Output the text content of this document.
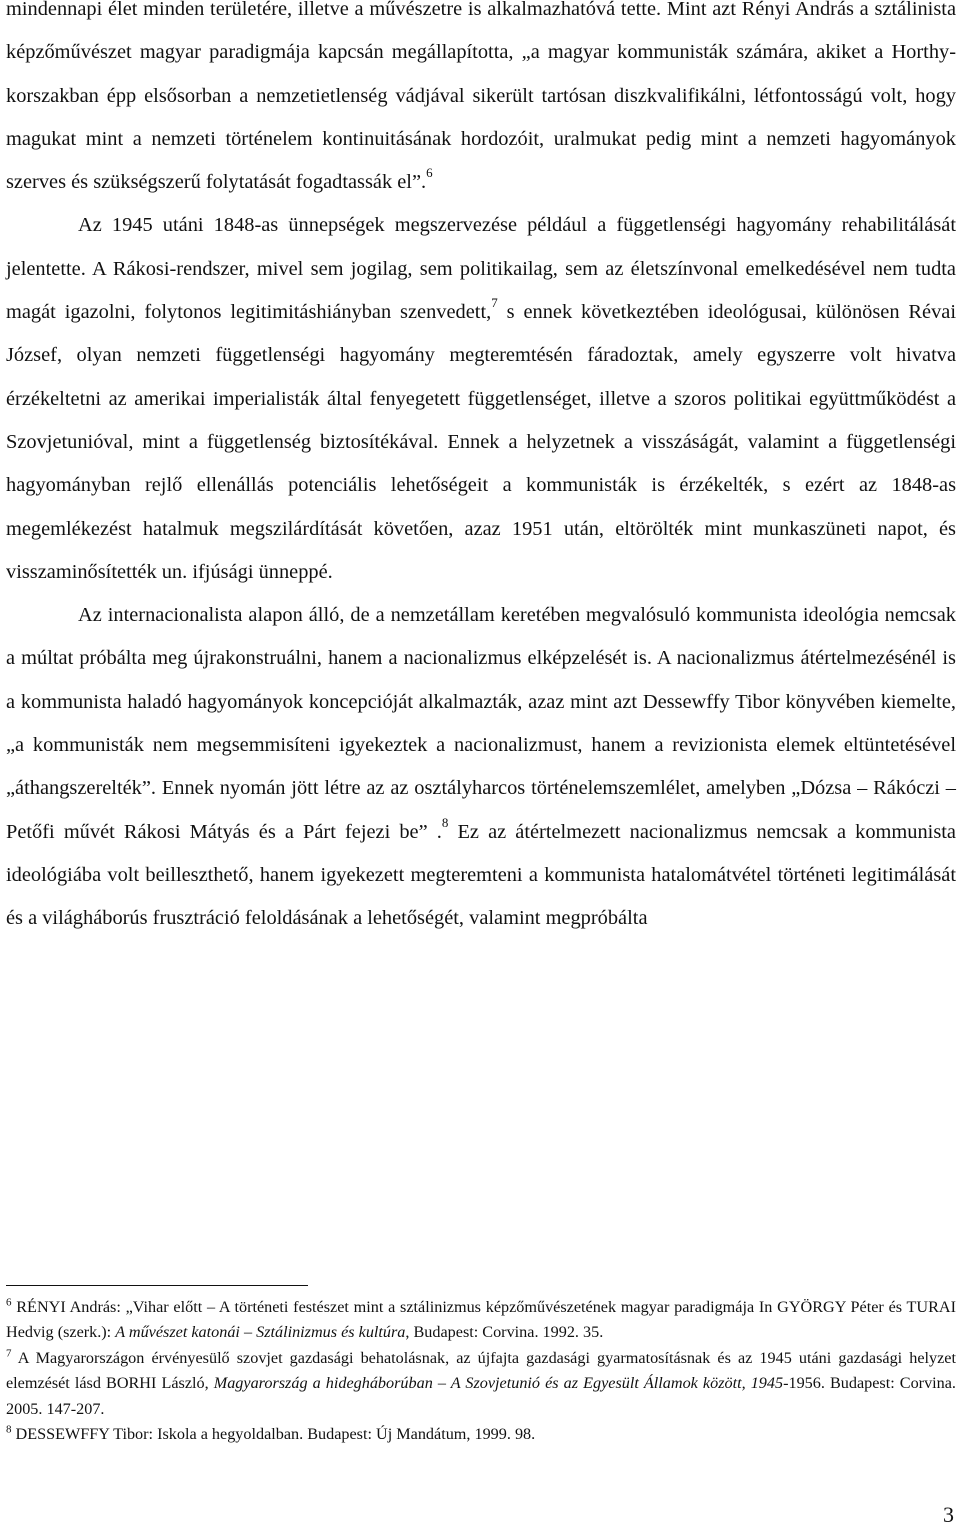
mindennapi élet minden területére, illetve a művészetre is alkalmazhatóvá tette. Mint azt Rényi András a sztálinista képzőművészet magyar paradigmája kapcsán megállapította, „a magyar kommunisták számára, akiket a Horthy-korszakban épp elsősorban a nemzetietlenség vádjával sikerült tartósan diszkvalifikálni, létfontosságú volt, hogy magukat mint a nemzeti történelem kontinuitásának hordozóit, uralmukat pedig mint a nemzeti hagyományok szerves és szükségszerű folytatását fogadtassák el”.$^6$

Az 1945 utáni 1848-as ünnepségek megszervezése például a függetlenségi hagyomány rehabilitálását jelentette. A Rákosi-rendszer, mivel sem jogilag, sem politikailag, sem az életszínvonal emelkedésével nem tudta magát igazolni, folytonos legitimitáshiányban szenvedett,$^7$ s ennek következtében ideológusai, különösen Révai József, olyan nemzeti függetlenségi hagyomány megteremtésén fáradoztak, amely egyszerre volt hivatva érzékeltetni az amerikai imperialisták által fenyegetett függetlenséget, illetve a szoros politikai együttműködést a Szovjetunióval, mint a függetlenség biztosítékával. Ennek a helyzetnek a visszáságát, valamint a függetlenségi hagyományban rejlő ellenállás potenciális lehetőségeit a kommunisták is érzékelték, s ezért az 1848-as megemlékezést hatalmuk megszilárdítását követően, azaz 1951 után, eltörölték mint munkaszüneti napot, és visszaminősítették un. ifjúsági ünneppé.

Az internacionalista alapon álló, de a nemzetállam keretében megvalósuló kommunista ideológia nemcsak a múltat próbálta meg újrakonstruálni, hanem a nacionalizmus elképzelését is. A nacionalizmus átértelmezésénél is a kommunista haladó hagyományok koncepcióját alkalmazták, azaz mint azt Dessewffy Tibor könyvében kiemelte, „a kommunisták nem megsemmisíteni igyekeztek a nacionalizmust, hanem a revizionista elemek eltüntetésével „áthangszerelték”. Ennek nyomán jött létre az az osztályharcos történelemszemlélet, amelyben „Dózsa – Rákóczi – Petőfi művét Rákosi Mátyás és a Párt fejezi be” .$^8$ Ez az átértelmezett nacionalizmus nemcsak a kommunista ideológiába volt beilleszthető, hanem igyekezett megteremteni a kommunista hatalomátvétel történeti legitimálását és a világháborús frusztráció feloldásának a lehetőségét, valamint megpróbálta

$^6$ RÉNYI András: „Vihar előtt – A történeti festészet mint a sztálinizmus képzőművészetének magyar paradigmája In GYÖRGY Péter és TURAI Hedvig (szerk.): A művészet katonái – Sztálinizmus és kultúra, Budapest: Corvina. 1992. 35.

$^7$ A Magyarországon érvényesülő szovjet gazdasági behatolásnak, az újfajta gazdasági gyarmatosításnak és az 1945 utáni gazdasági helyzet elemzését lásd BORHI László, Magyarország a hidegháborúban – A Szovjetunió és az Egyesült Államok között, 1945-1956. Budapest: Corvina. 2005. 147-207.

$^8$ DESSEWFFY Tibor: Iskola a hegyoldalban. Budapest: Új Mandátum, 1999. 98.

3
